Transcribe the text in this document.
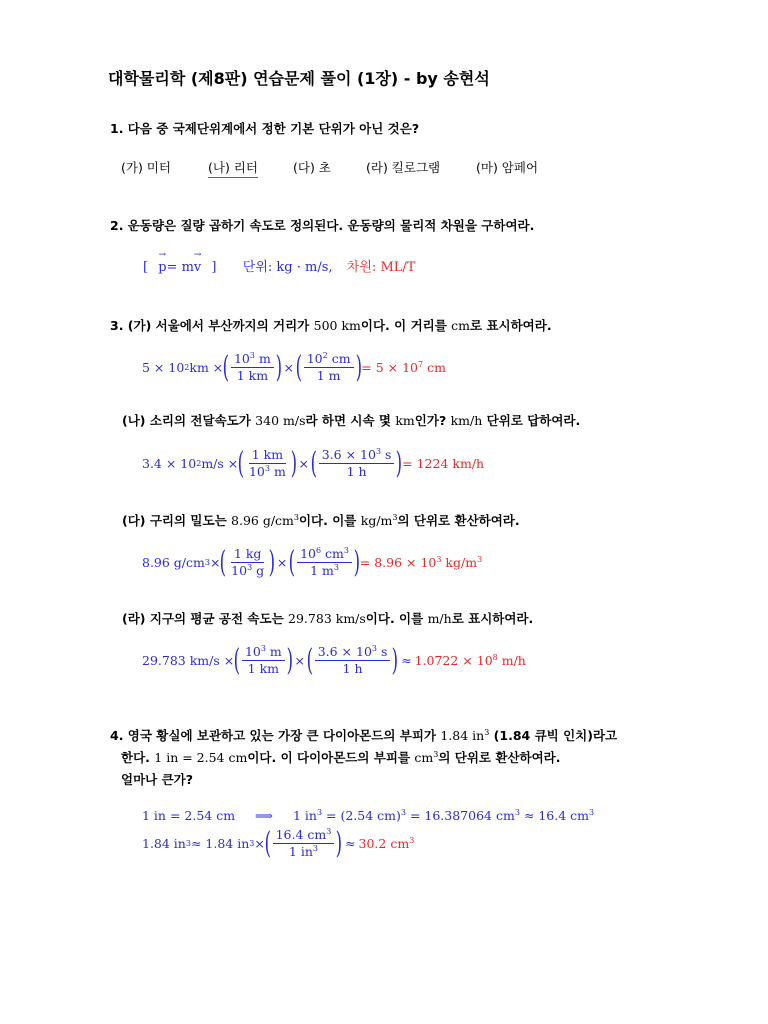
대학물리학 (제8판) 연습문제 풀이 (1장) - by 송현석
1. 다음 중 국제단위계에서 정한 기본 단위가 아닌 것은?
(가) 미터	(나) 리터	(다) 초	(라) 킬로그램	(마) 암페어
2. 운동량은 질량 곱하기 속도로 정의된다. 운동량의 물리적 차원을 구하여라.
[ p →= mv → ] 단위: kg · m/s, 차원: ML/T
3. (가) 서울에서 부산까지의 거리가 500 km이다. 이 거리를 cm로 표시하여라.
5 × 10 2 km × ( $\frac{10^3 m}{1 km}$ ) × ( $\frac{10^2 cm}{1 m}$ ) = $5 \times 10^7$ cm
(나) 소리의 전달속도가 340 m/s라 하면 시속 몇 km인가? km/h 단위로 답하여라.
3.4 × 10 2 m/s × ( $\frac{1 km}{10^3 m}$ ) × ( $\frac{3.6 \times 10^3 s}{1 h}$ ) = 1224 km/h
(다) 구리의 밀도는 8.96 $g/cm^3$이다. 이를 $kg/m^3$의 단위로 환산하여라.
8.96 g/cm 3 × ( $\frac{1 kg}{10^3 g}$ ) × ( $\frac{10^6 cm^3}{1 m^3}$ ) = $8.96 \times 10^3$ $kg/m^3$
(라) 지구의 평균 공전 속도는 29.783 km/s이다. 이를 m/h로 표시하여라.
29.783 km/s × ( $\frac{10^3 m}{1 km}$ ) × ( $\frac{3.6 \times 10^3 s}{1 h}$ ) ≈ $1.0722 \times 10^8$ m/h
4. 영국 황실에 보관하고 있는 가장 큰 다이아몬드의 부피가 1.84 $in^3$ (1.84 큐빅 인치)라고
한다. 1 in = 2.54 cm이다. 이 다이아몬드의 부피를 $cm^3$의 단위로 환산하여라.
얼마나 큰가?
1 in = 2.54 cm ⟹ 1 $in^3 = (2.54$ cm)$^3$ = 16.387064 $cm^3 \approx 16.4$ $cm^3$
1.84 in 3 ≈ 1.84 in 3 × ( $\frac{16.4 cm^3}{1 in^3}$ ) ≈ 30.2 $cm^3$
